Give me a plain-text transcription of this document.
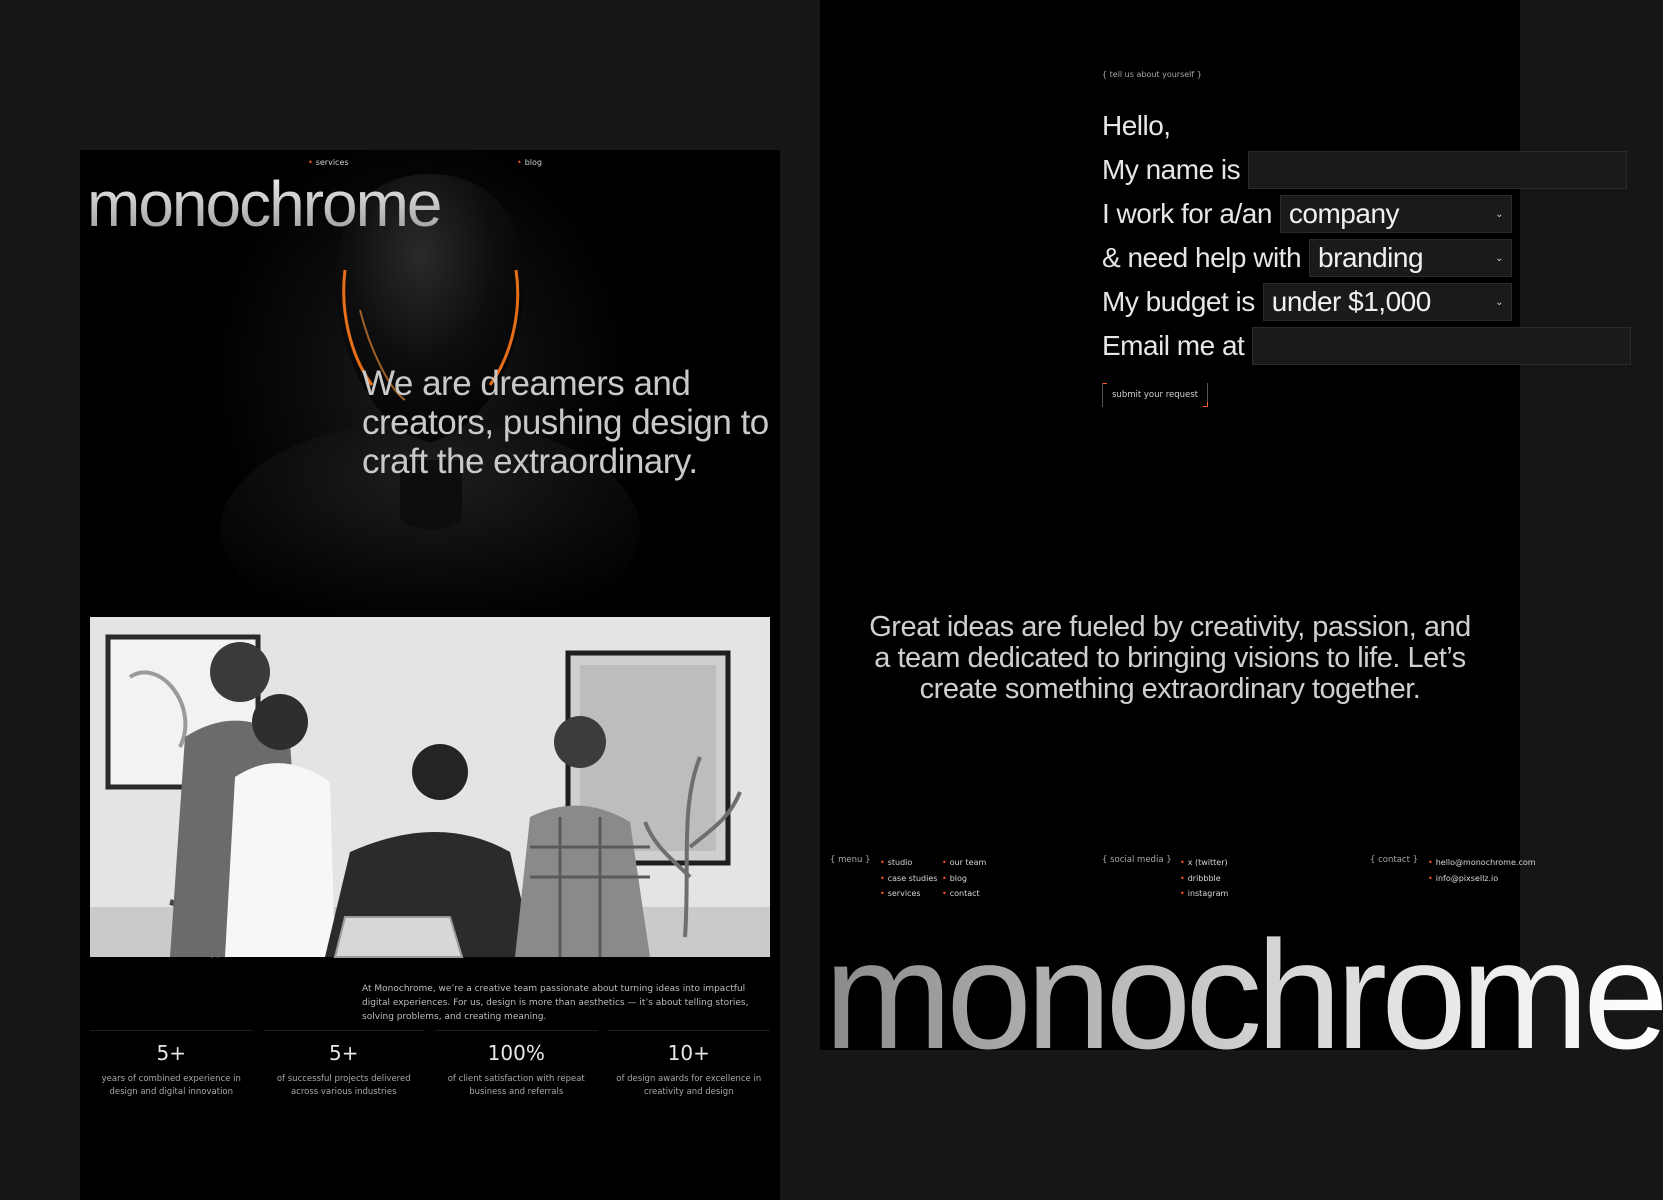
• services	• blog
monochrome
We are dreamers and creators, pushing design to craft the extraordinary.

At Monochrome, we’re a creative team passionate about turning ideas into impactful digital experiences. For us, design is more than aesthetics — it’s about telling stories, solving problems, and creating meaning.

5+
years of combined experience in design and digital innovation
5+
of successful projects delivered across various industries
100%
of client satisfaction with repeat business and referrals
10+
of design awards for excellence in creativity and design
{ tell us about yourself }
Hello,
My name is
I work for a/an company	⌄
& need help with branding	⌄
My budget is under $1,000	⌄
Email me at
submit your request

Great ideas are fueled by creativity, passion, and a team dedicated to bringing visions to life. Let’s create something extraordinary together.

{ menu } • studio
• case studies
• services
• our team
• blog
• contact
{ social media } • x (twitter)
• dribbble
• instagram
{ contact } • hello@monochrome.com
• info@pixsellz.io
monochrome
